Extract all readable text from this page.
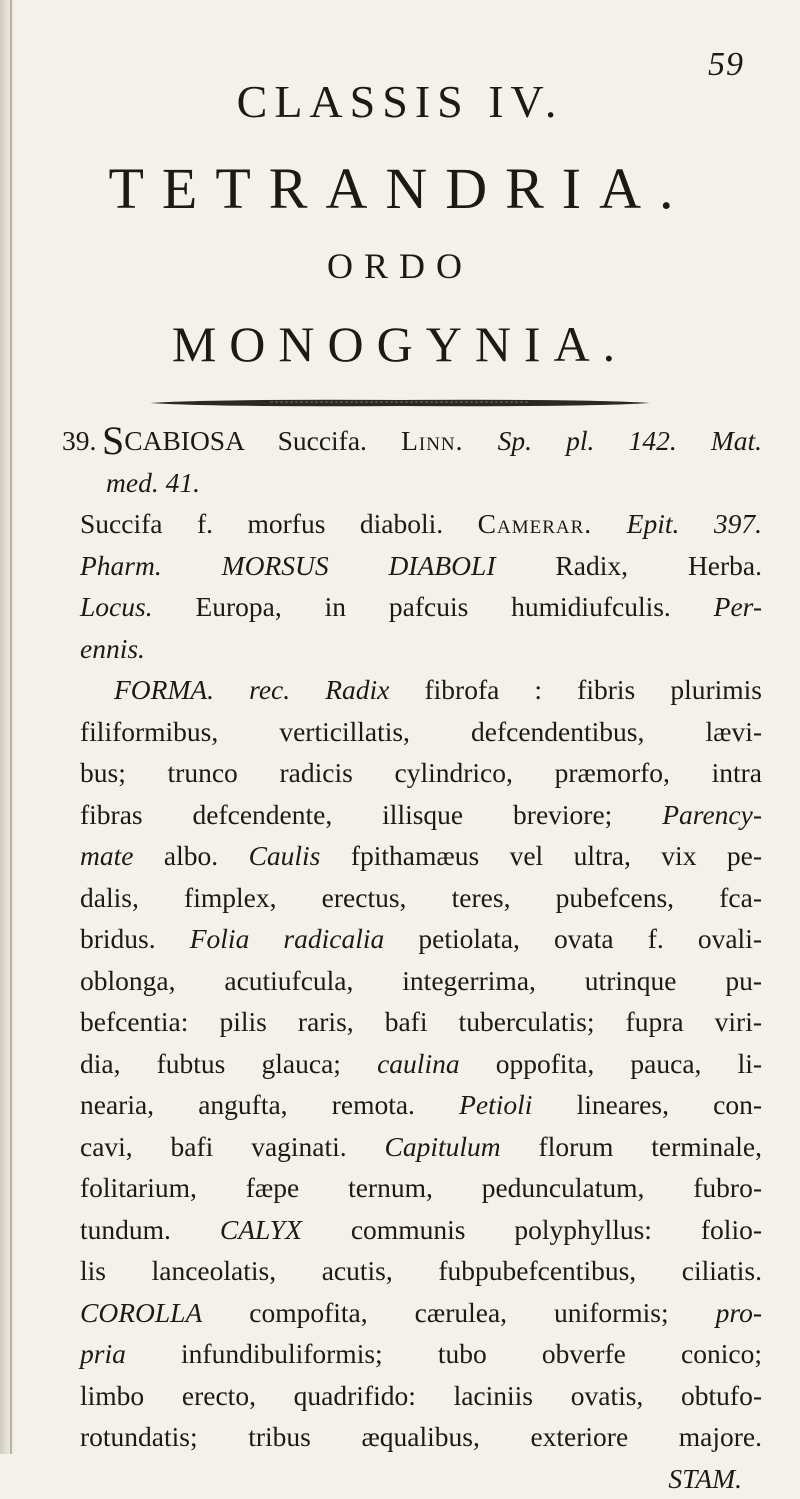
59
CLASSIS IV.
TETRANDRIA.
ORDO
MONOGYNIA.
39. SCABIOSA Succifa. Linn. Sp. pl. 142. Mat.
med. 41.
Succifa f. morfus diaboli. Camerar. Epit. 397.
Pharm. MORSUS DIABOLI Radix, Herba.
Locus. Europa, in pafcuis humidiufculis. Per-
ennis.
FORMA. rec. Radix fibrofa : fibris plurimis
filiformibus, verticillatis, defcendentibus, lævi-
bus; trunco radicis cylindrico, præmorfo, intra
fibras defcendente, illisque breviore; Parency-
mate albo. Caulis fpithamæus vel ultra, vix pe-
dalis, fimplex, erectus, teres, pubefcens, fca-
bridus. Folia radicalia petiolata, ovata f. ovali-
oblonga, acutiufcula, integerrima, utrinque pu-
befcentia: pilis raris, bafi tuberculatis; fupra viri-
dia, fubtus glauca; caulina oppofita, pauca, li-
nearia, angufta, remota. Petioli lineares, con-
cavi, bafi vaginati. Capitulum florum terminale,
folitarium, fæpe ternum, pedunculatum, fubro-
tundum. CALYX communis polyphyllus: folio-
lis lanceolatis, acutis, fubpubefcentibus, ciliatis.
COROLLA compofita, cærulea, uniformis; pro-
pria infundibuliformis; tubo obverfe conico;
limbo erecto, quadrifido: laciniis ovatis, obtufo-
rotundatis; tribus æqualibus, exteriore majore.
STAM.
